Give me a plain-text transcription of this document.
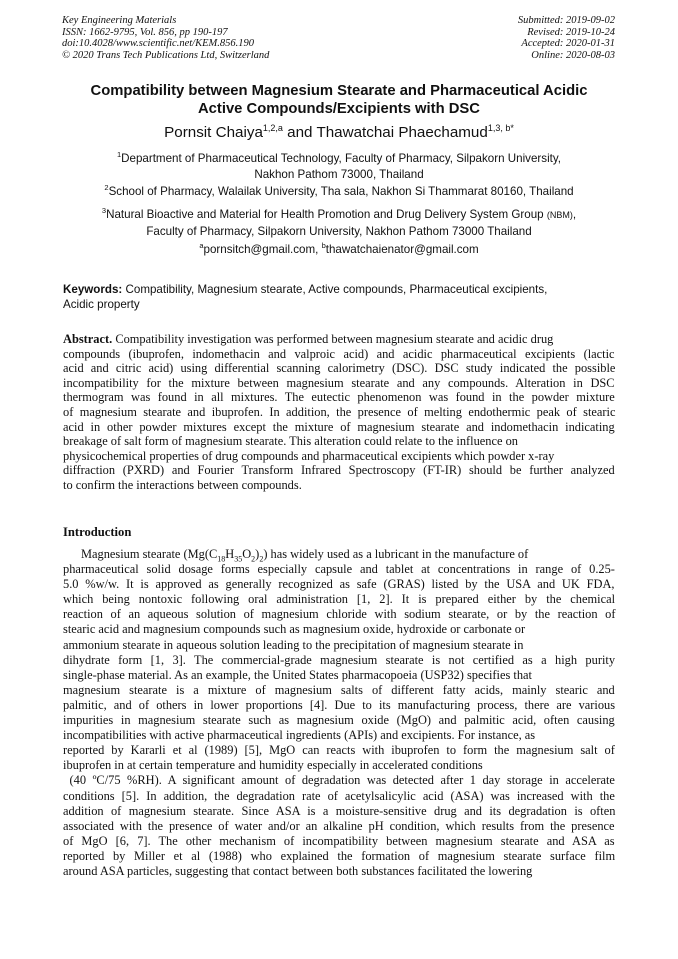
Key Engineering Materials
ISSN: 1662-9795, Vol. 856, pp 190-197
doi:10.4028/www.scientific.net/KEM.856.190
© 2020 Trans Tech Publications Ltd, Switzerland
Submitted: 2019-09-02
Revised: 2019-10-24
Accepted: 2020-01-31
Online: 2020-08-03
Compatibility between Magnesium Stearate and Pharmaceutical Acidic
Active Compounds/Excipients with DSC
Pornsit Chaiya$^{1,2,a}$ and Thawatchai Phaechamud$^{1,3, b*}$
$^1$Department of Pharmaceutical Technology, Faculty of Pharmacy, Silpakorn University,
Nakhon Pathom 73000, Thailand
$^2$School of Pharmacy, Walailak University, Tha sala, Nakhon Si Thammarat 80160, Thailand
$^3$Natural Bioactive and Material for Health Promotion and Drug Delivery System Group (NBM),
Faculty of Pharmacy, Silpakorn University, Nakhon Pathom 73000 Thailand
$^a$pornsitch@gmail.com, $^b$thawatchaienator@gmail.com
Keywords: Compatibility, Magnesium stearate, Active compounds, Pharmaceutical excipients,
Acidic property
Abstract. Compatibility investigation was performed between magnesium stearate and acidic drug
compounds (ibuprofen, indomethacin and valproic acid) and acidic pharmaceutical excipients (lactic
acid and citric acid) using differential scanning calorimetry (DSC). DSC study indicated the possible
incompatibility for the mixture between magnesium stearate and any compounds. Alteration in DSC
thermogram was found in all mixtures. The eutectic phenomenon was found in the powder mixture
of magnesium stearate and ibuprofen. In addition, the presence of melting endothermic peak of stearic
acid in other powder mixtures except the mixture of magnesium stearate and indomethacin indicating
breakage of salt form of magnesium stearate. This alteration could relate to the influence on
physicochemical properties of drug compounds and pharmaceutical excipients which powder x-ray
diffraction (PXRD) and Fourier Transform Infrared Spectroscopy (FT-IR) should be further analyzed
to confirm the interactions between compounds.
Introduction
Magnesium stearate $(Mg(C_{18}H_{35}O_2)_2)$ has widely used as a lubricant in the manufacture of
pharmaceutical solid dosage forms especially capsule and tablet at concentrations in range of 0.25-
5.0 %w/w. It is approved as generally recognized as safe (GRAS) listed by the USA and UK FDA,
which being nontoxic following oral administration [1, 2]. It is prepared either by the chemical
reaction of an aqueous solution of magnesium chloride with sodium stearate, or by the reaction of
stearic acid and magnesium compounds such as magnesium oxide, hydroxide or carbonate or
ammonium stearate in aqueous solution leading to the precipitation of magnesium stearate in
dihydrate form [1, 3]. The commercial-grade magnesium stearate is not certified as a high purity
single-phase material. As an example, the United States pharmacopoeia (USP32) specifies that
magnesium stearate is a mixture of magnesium salts of different fatty acids, mainly stearic and
palmitic, and of others in lower proportions [4]. Due to its manufacturing process, there are various
impurities in magnesium stearate such as magnesium oxide (MgO) and palmitic acid, often causing
incompatibilities with active pharmaceutical ingredients (APIs) and excipients. For instance, as
reported by Kararli et al (1989) [5], MgO can reacts with ibuprofen to form the magnesium salt of
ibuprofen in at certain temperature and humidity especially in accelerated conditions
(40 ºC/75 %RH). A significant amount of degradation was detected after 1 day storage in accelerate
conditions [5]. In addition, the degradation rate of acetylsalicylic acid (ASA) was increased with the
addition of magnesium stearate. Since ASA is a moisture-sensitive drug and its degradation is often
associated with the presence of water and/or an alkaline pH condition, which results from the presence
of MgO [6, 7]. The other mechanism of incompatibility between magnesium stearate and ASA as
reported by Miller et al (1988) who explained the formation of magnesium stearate surface film
around ASA particles, suggesting that contact between both substances facilitated the lowering
